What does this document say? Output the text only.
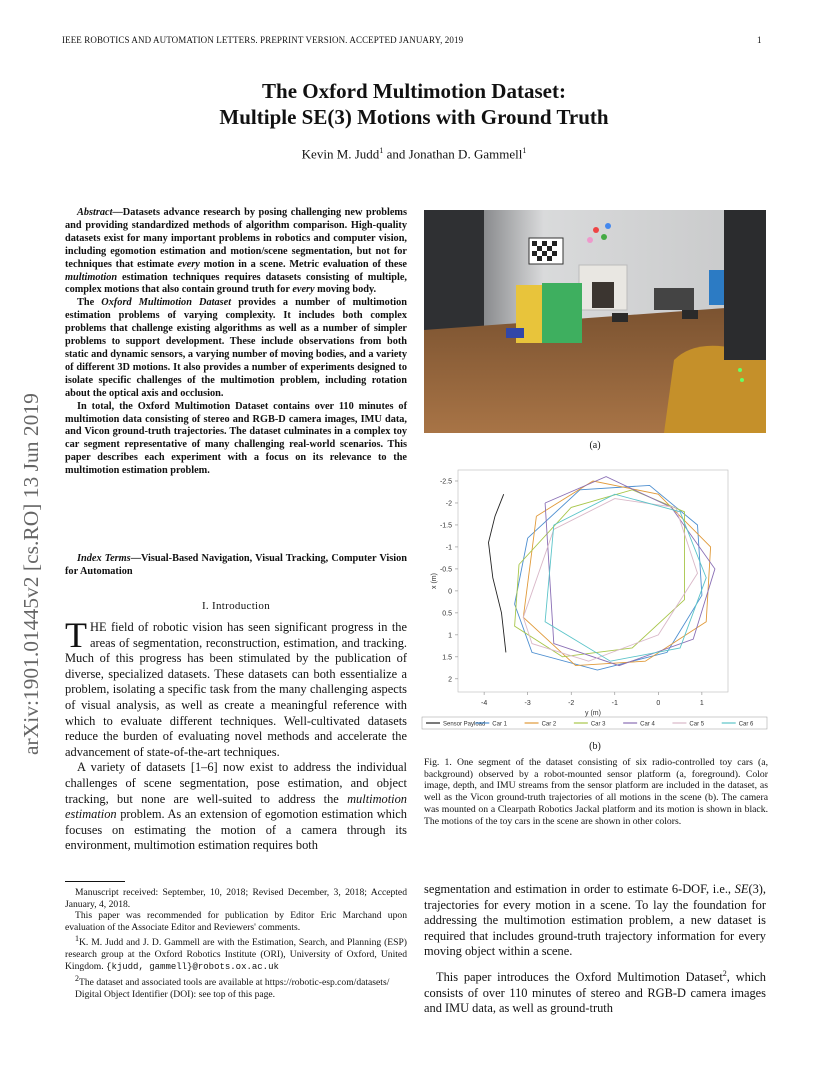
IEEE ROBOTICS AND AUTOMATION LETTERS. PREPRINT VERSION. ACCEPTED JANUARY, 2019	1
arXiv:1901.01445v2 [cs.RO] 13 Jun 2019
The Oxford Multimotion Dataset:
Multiple SE(3) Motions with Ground Truth
Kevin M. Judd$^1$ and Jonathan D. Gammell$^1$

Abstract—Datasets advance research by posing challenging new problems and providing standardized methods of algorithm comparison. High-quality datasets exist for many important problems in robotics and computer vision, including egomotion estimation and motion/scene segmentation, but not for techniques that estimate every motion in a scene. Metric evaluation of these multimotion estimation techniques requires datasets consisting of multiple, complex motions that also contain ground truth for every moving body.

The Oxford Multimotion Dataset provides a number of multimotion estimation problems of varying complexity. It includes both complex problems that challenge existing algorithms as well as a number of simpler problems to support development. These include observations from both static and dynamic sensors, a varying number of moving bodies, and a variety of different 3D motions. It also provides a number of experiments designed to isolate specific challenges of the multimotion problem, including rotation about the optical axis and occlusion.

In total, the Oxford Multimotion Dataset contains over 110 minutes of multimotion data consisting of stereo and RGB-D camera images, IMU data, and Vicon ground-truth trajectories. The dataset culminates in a complex toy car segment representative of many challenging real-world scenarios. This paper describes each experiment with a focus on its relevance to the multimotion estimation problem.

Index Terms—Visual-Based Navigation, Visual Tracking, Computer Vision for Automation
I. Introduction

THE field of robotic vision has seen significant progress in the areas of segmentation, reconstruction, estimation, and tracking. Much of this progress has been stimulated by the publication of diverse, specialized datasets. These datasets can both essentialize a problem, isolating a specific task from the many challenging aspects of visual analysis, as well as create a meaningful reference with which to evaluate different techniques. Well-cultivated datasets reduce the burden of evaluating novel methods and accelerate the advancement of state-of-the-art techniques.

A variety of datasets [1–6] now exist to address the individual challenges of scene segmentation, pose estimation, and object tracking, but none are well-suited to address the multimotion estimation problem. As an extension of egomotion estimation which focuses on estimating the motion of a camera through its environment, multimotion estimation requires both

Manuscript received: September, 10, 2018; Revised December, 3, 2018; Accepted January, 4, 2018.

This paper was recommended for publication by Editor Eric Marchand upon evaluation of the Associate Editor and Reviewers' comments.

$^1$K. M. Judd and J. D. Gammell are with the Estimation, Search, and Planning (ESP) research group at the Oxford Robotics Institute (ORI), University of Oxford, United Kingdom. {kjudd, gammell}@robots.ox.ac.uk

$^2$The dataset and associated tools are available at https://robotic-esp.com/datasets/

Digital Object Identifier (DOI): see top of this page.

(a)
-4	-3	-2	-1	0	1
-2.5
-2
-1.5
-1
-0.5
0
0.5
1
1.5
2
y (m)
x (m)
Sensor Payload Car 1	Car 2	Car 3	Car 4	Car 5	Car 6
(b)
Fig. 1. One segment of the dataset consisting of six radio-controlled toy cars (a, background) observed by a robot-mounted sensor platform (a, foreground). Color image, depth, and IMU streams from the sensor platform are included in the dataset, as well as the Vicon ground-truth trajectories of all motions in the scene (b). The camera was mounted on a Clearpath Robotics Jackal platform and its motion is shown in black. The motions of the toy cars in the scene are shown in other colors.

segmentation and estimation in order to estimate 6-DOF, i.e., SE(3), trajectories for every motion in a scene. To lay the foundation for addressing the multimotion estimation problem, a new dataset is required that includes ground-truth trajectory information for every moving object within a scene.

This paper introduces the Oxford Multimotion Dataset$^2$, which consists of over 110 minutes of stereo and RGB-D camera images and IMU data, as well as ground-truth
